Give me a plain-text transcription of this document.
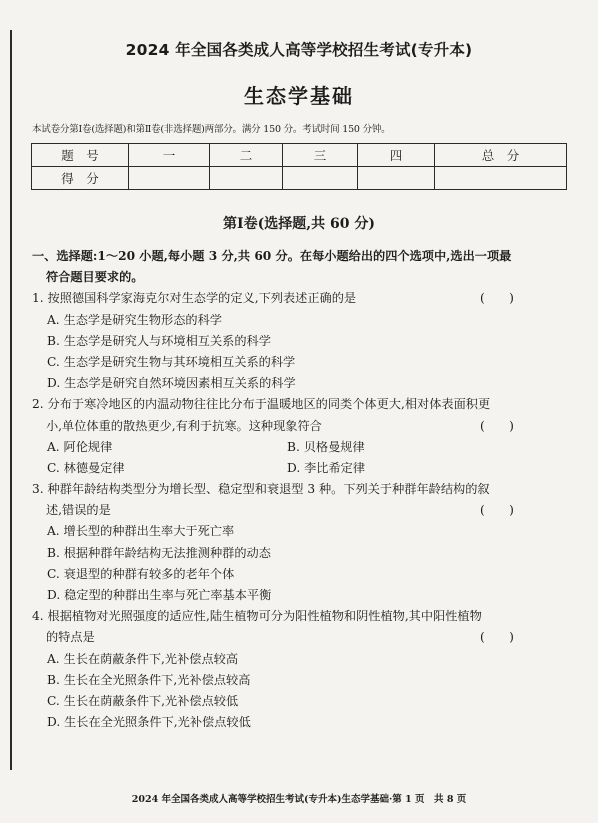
2024 年全国各类成人高等学校招生考试(专升本)
生态学基础
本试卷分第Ⅰ卷(选择题)和第Ⅱ卷(非选择题)两部分。满分 150 分。考试时间 150 分钟。
题　号	一	二	三	四	总　分
得　分					
第Ⅰ卷(选择题,共 60 分)
一、选择题:1～20 小题,每小题 3 分,共 60 分。在每小题给出的四个选项中,选出一项最
符合题目要求的。
1. 按照德国科学家海克尔对生态学的定义,下列表述正确的是	(　　)
A. 生态学是研究生物形态的科学
B. 生态学是研究人与环境相互关系的科学
C. 生态学是研究生物与其环境相互关系的科学
D. 生态学是研究自然环境因素相互关系的科学
2. 分布于寒冷地区的内温动物往往比分布于温暖地区的同类个体更大,相对体表面积更
小,单位体重的散热更少,有利于抗寒。这种现象符合	(　　)
A. 阿伦规律	B. 贝格曼规律
C. 林德曼定律	D. 李比希定律
3. 种群年龄结构类型分为增长型、稳定型和衰退型 3 种。下列关于种群年龄结构的叙
述,错误的是	(　　)
A. 增长型的种群出生率大于死亡率
B. 根据种群年龄结构无法推测种群的动态
C. 衰退型的种群有较多的老年个体
D. 稳定型的种群出生率与死亡率基本平衡
4. 根据植物对光照强度的适应性,陆生植物可分为阳性植物和阴性植物,其中阳性植物
的特点是	(　　)
A. 生长在荫蔽条件下,光补偿点较高
B. 生长在全光照条件下,光补偿点较高
C. 生长在荫蔽条件下,光补偿点较低
D. 生长在全光照条件下,光补偿点较低
2024 年全国各类成人高等学校招生考试(专升本)生态学基础·第 1 页　共 8 页
